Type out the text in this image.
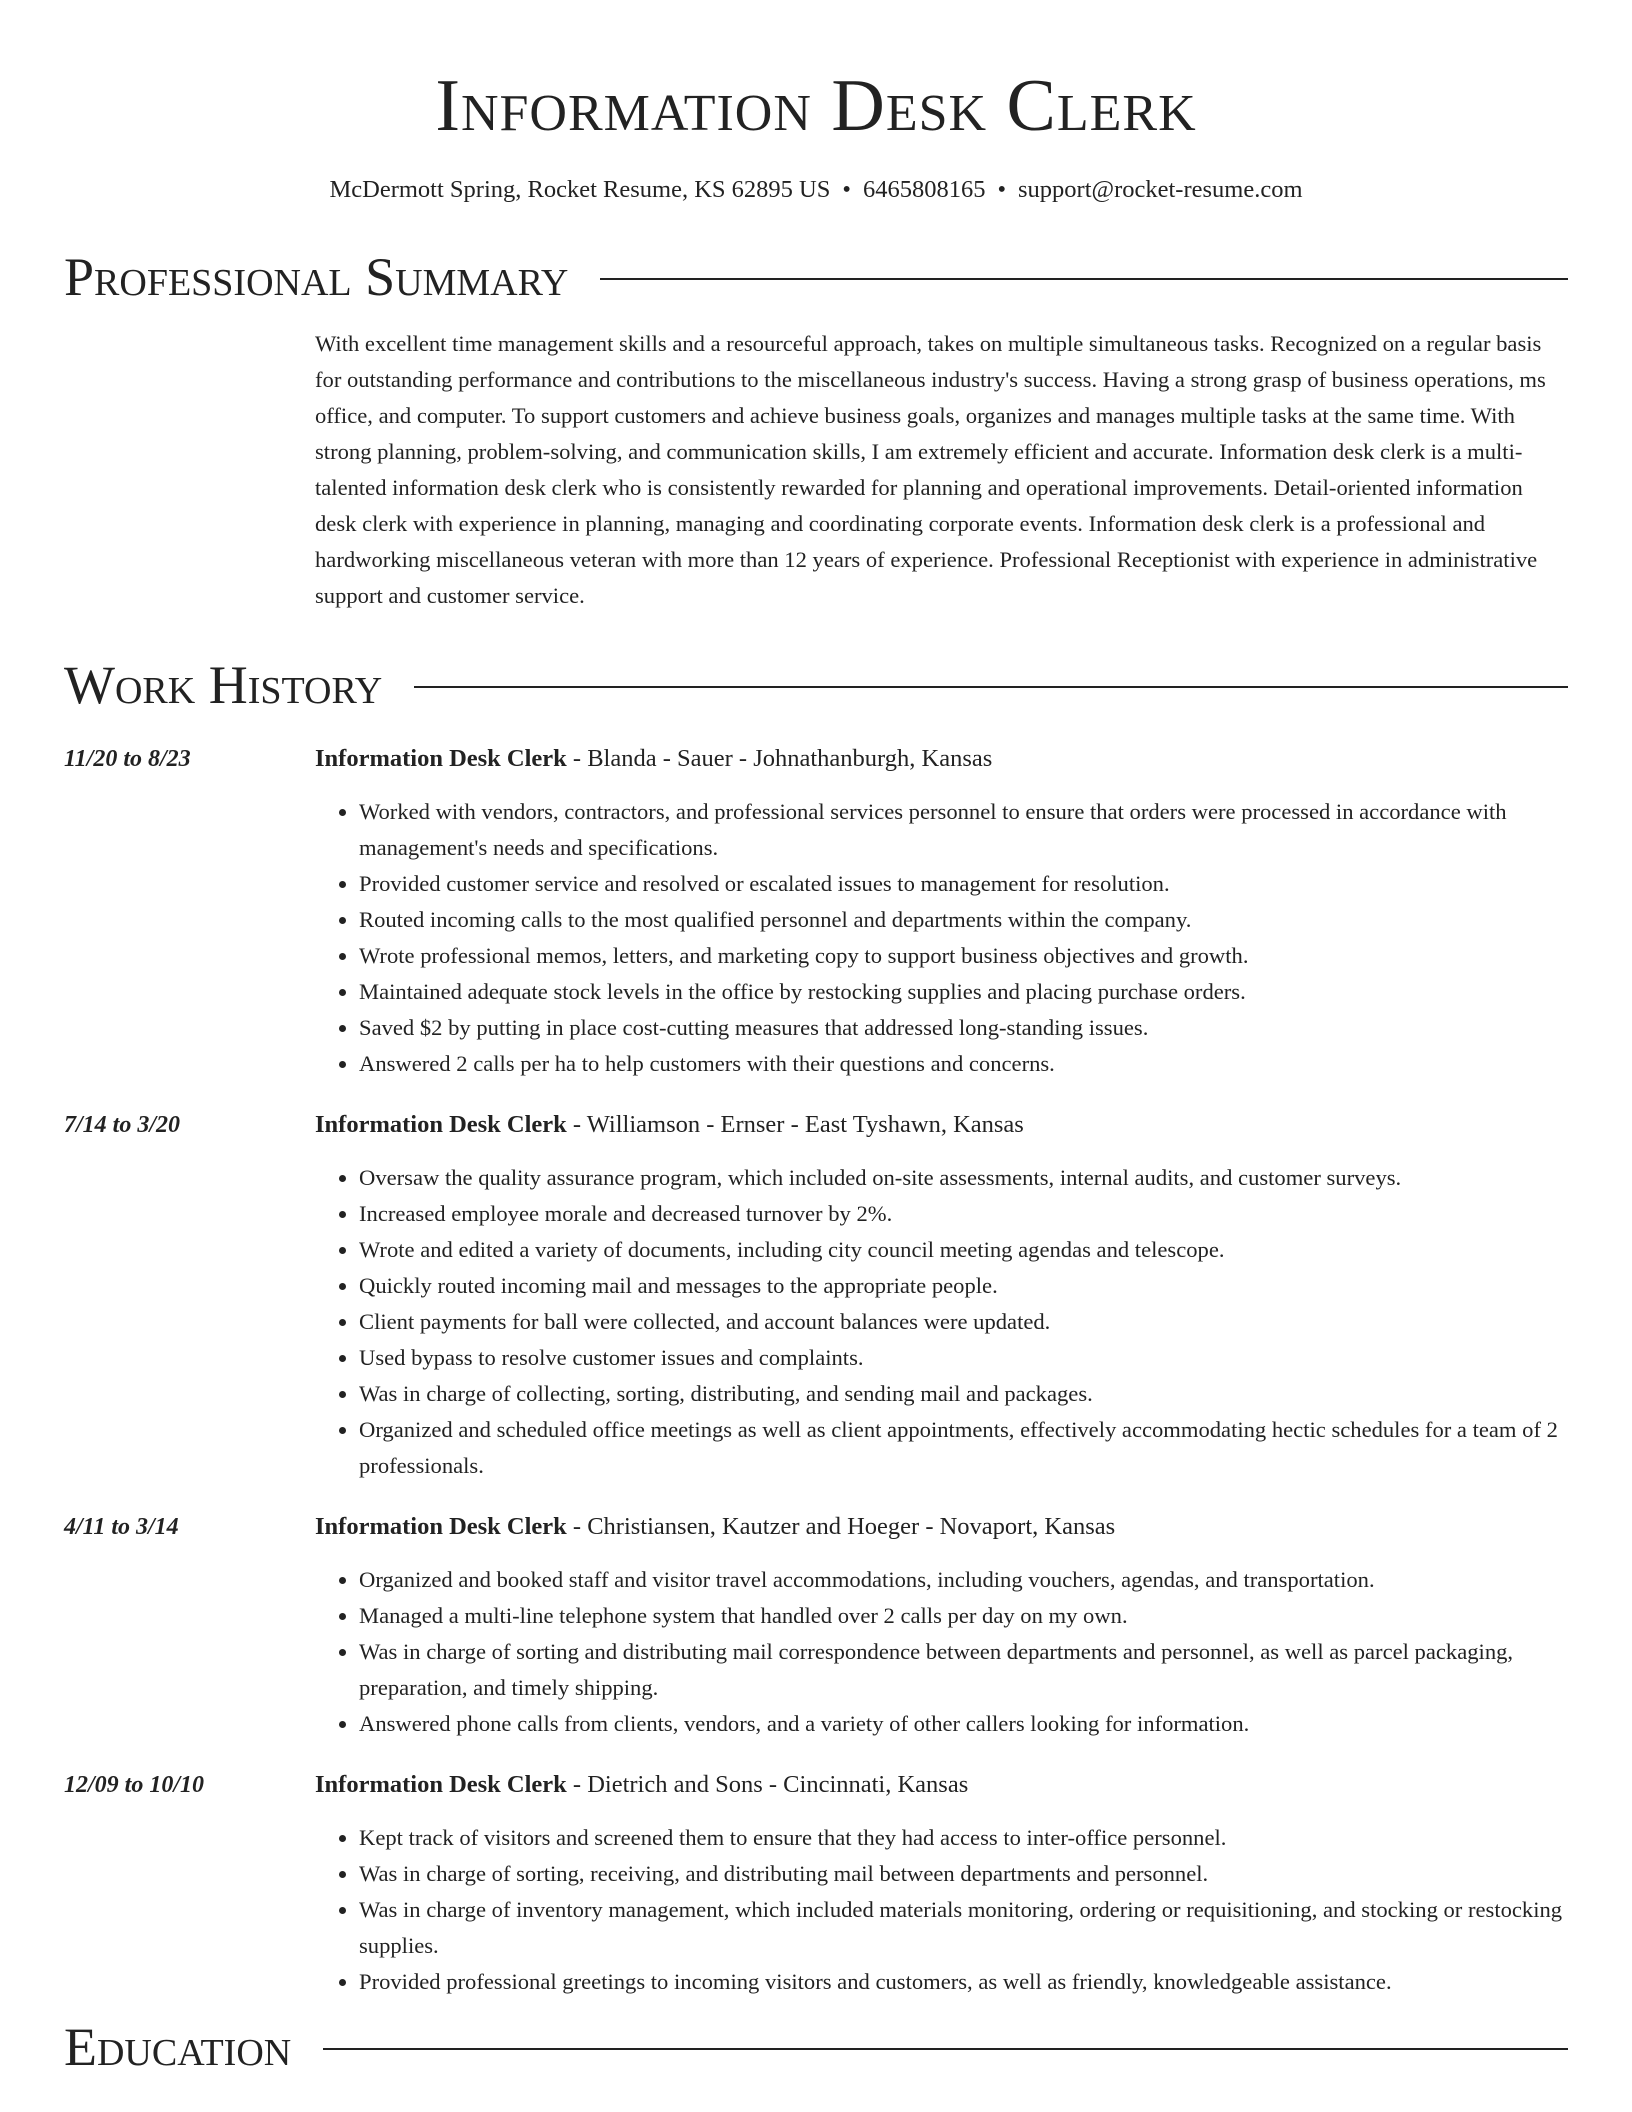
Information Desk Clerk
McDermott Spring, Rocket Resume, KS 62895 US • 6465808165 • support@rocket-resume.com
Professional Summary
With excellent time management skills and a resourceful approach, takes on multiple simultaneous tasks. Recognized on a regular basis for outstanding performance and contributions to the miscellaneous industry's success. Having a strong grasp of business operations, ms office, and computer. To support customers and achieve business goals, organizes and manages multiple tasks at the same time. With strong planning, problem-solving, and communication skills, I am extremely efficient and accurate. Information desk clerk is a multi-talented information desk clerk who is consistently rewarded for planning and operational improvements. Detail-oriented information desk clerk with experience in planning, managing and coordinating corporate events. Information desk clerk is a professional and hardworking miscellaneous veteran with more than 12 years of experience. Professional Receptionist with experience in administrative support and customer service.
Work History
11/20 to 8/23	Information Desk Clerk - Blanda - Sauer - Johnathanburgh, Kansas
• Worked with vendors, contractors, and professional services personnel to ensure that orders were processed in accordance with management's needs and specifications.
• Provided customer service and resolved or escalated issues to management for resolution.
• Routed incoming calls to the most qualified personnel and departments within the company.
• Wrote professional memos, letters, and marketing copy to support business objectives and growth.
• Maintained adequate stock levels in the office by restocking supplies and placing purchase orders.
• Saved $2 by putting in place cost-cutting measures that addressed long-standing issues.
• Answered 2 calls per ha to help customers with their questions and concerns.
7/14 to 3/20	Information Desk Clerk - Williamson - Ernser - East Tyshawn, Kansas
• Oversaw the quality assurance program, which included on-site assessments, internal audits, and customer surveys.
• Increased employee morale and decreased turnover by 2%.
• Wrote and edited a variety of documents, including city council meeting agendas and telescope.
• Quickly routed incoming mail and messages to the appropriate people.
• Client payments for ball were collected, and account balances were updated.
• Used bypass to resolve customer issues and complaints.
• Was in charge of collecting, sorting, distributing, and sending mail and packages.
• Organized and scheduled office meetings as well as client appointments, effectively accommodating hectic schedules for a team of 2 professionals.
4/11 to 3/14	Information Desk Clerk - Christiansen, Kautzer and Hoeger - Novaport, Kansas
• Organized and booked staff and visitor travel accommodations, including vouchers, agendas, and transportation.
• Managed a multi-line telephone system that handled over 2 calls per day on my own.
• Was in charge of sorting and distributing mail correspondence between departments and personnel, as well as parcel packaging, preparation, and timely shipping.
• Answered phone calls from clients, vendors, and a variety of other callers looking for information.
12/09 to 10/10	Information Desk Clerk - Dietrich and Sons - Cincinnati, Kansas
• Kept track of visitors and screened them to ensure that they had access to inter-office personnel.
• Was in charge of sorting, receiving, and distributing mail between departments and personnel.
• Was in charge of inventory management, which included materials monitoring, ordering or requisitioning, and stocking or restocking supplies.
• Provided professional greetings to incoming visitors and customers, as well as friendly, knowledgeable assistance.
Education
